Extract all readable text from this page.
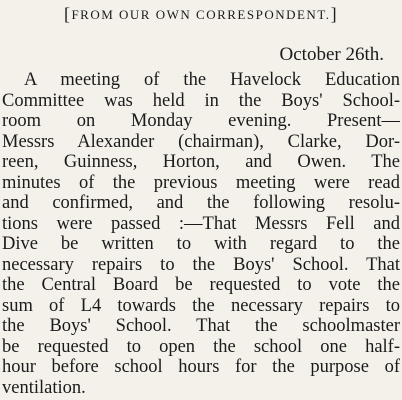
[FROM OUR OWN CORRESPONDENT.]
October 26th.
A meeting of the Havelock Education
Committee was held in the Boys' School-
room on Monday evening. Present—
Messrs Alexander (chairman), Clarke, Dor-
reen, Guinness, Horton, and Owen. The
minutes of the previous meeting were read
and confirmed, and the following resolu-
tions were passed :—That Messrs Fell and
Dive be written to with regard to the
necessary repairs to the Boys' School. That
the Central Board be requested to vote the
sum of L4 towards the necessary repairs to
the Boys' School. That the schoolmaster
be requested to open the school one half-
hour before school hours for the purpose of
ventilation.
